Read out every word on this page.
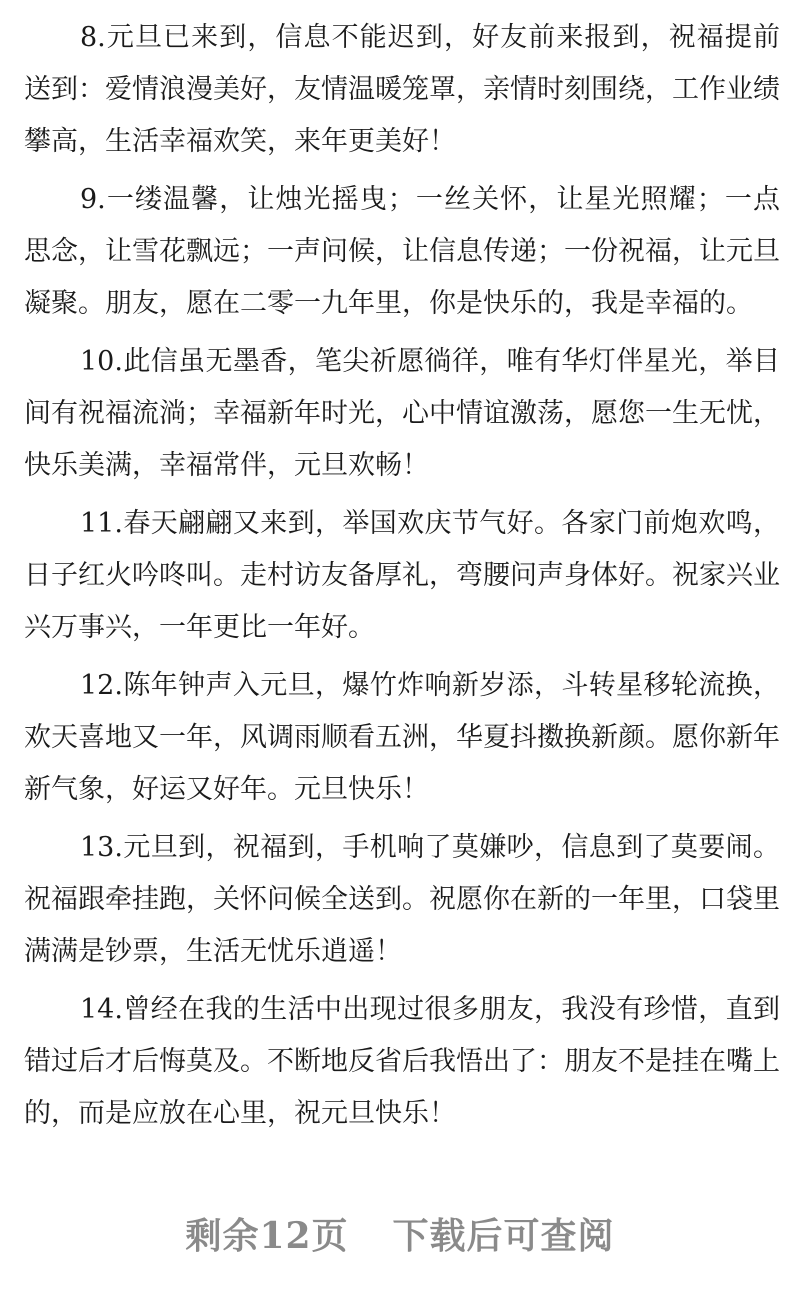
8.元旦已来到，信息不能迟到，好友前来报到，祝福提前送到：爱情浪漫美好，友情温暖笼罩，亲情时刻围绕，工作业绩攀高，生活幸福欢笑，来年更美好！

9.一缕温馨，让烛光摇曳；一丝关怀，让星光照耀；一点思念，让雪花飘远；一声问候，让信息传递；一份祝福，让元旦凝聚。朋友，愿在二零一九年里，你是快乐的，我是幸福的。

10.此信虽无墨香，笔尖祈愿徜徉，唯有华灯伴星光，举目间有祝福流淌；幸福新年时光，心中情谊激荡，愿您一生无忧，快乐美满，幸福常伴，元旦欢畅！

11.春天翩翩又来到，举国欢庆节气好。各家门前炮欢鸣，日子红火吟咚叫。走村访友备厚礼，弯腰问声身体好。祝家兴业兴万事兴，一年更比一年好。

12.陈年钟声入元旦，爆竹炸响新岁添，斗转星移轮流换，欢天喜地又一年，风调雨顺看五洲，华夏抖擞换新颜。愿你新年新气象，好运又好年。元旦快乐！

13.元旦到，祝福到，手机响了莫嫌吵，信息到了莫要闹。祝福跟牵挂跑，关怀问候全送到。祝愿你在新的一年里，口袋里满满是钞票，生活无忧乐逍遥！

14.曾经在我的生活中出现过很多朋友，我没有珍惜，直到错过后才后悔莫及。不断地反省后我悟出了：朋友不是挂在嘴上的，而是应放在心里，祝元旦快乐！

剩余12页 下载后可查阅
